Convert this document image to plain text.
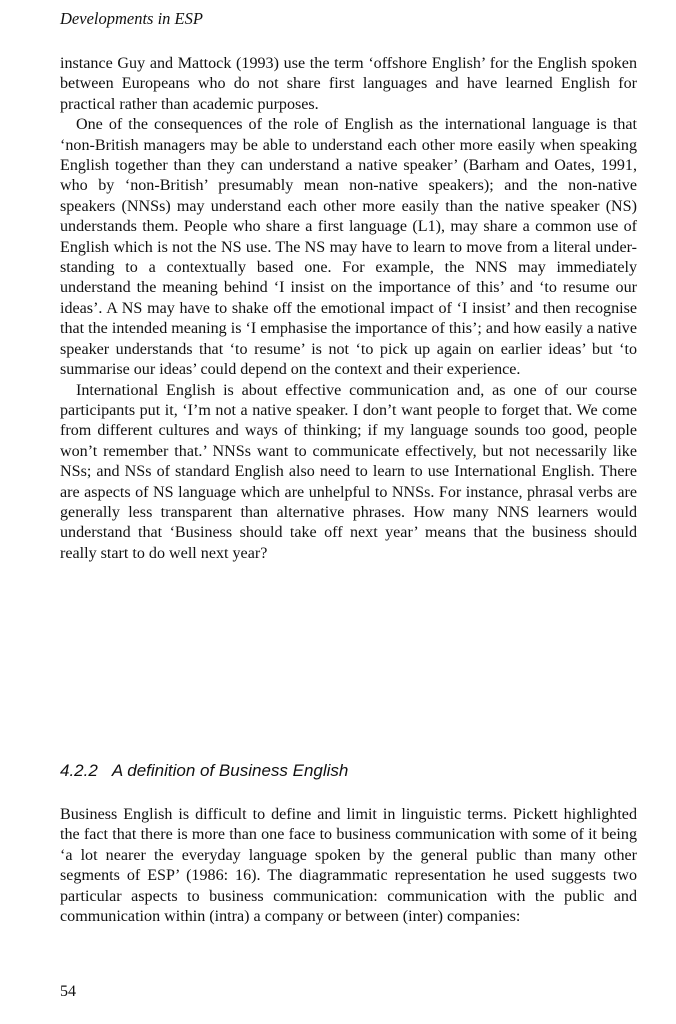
Developments in ESP

instance Guy and Mattock (1993) use the term ‘offshore English’ for the English spoken between Europeans who do not share first languages and have learned English for practical rather than academic purposes.

One of the consequences of the role of English as the international language is that ‘non-British managers may be able to understand each other more easily when speaking English together than they can understand a native speaker’ (Barham and Oates, 1991, who by ‘non-British’ presumably mean non-native speakers); and the non-native speakers (NNSs) may understand each other more easily than the native speaker (NS) understands them. People who share a first language (L1), may share a common use of English which is not the NS use. The NS may have to learn to move from a literal under-standing to a contextually based one. For example, the NNS may immediately understand the meaning behind ‘I insist on the importance of this’ and ‘to resume our ideas’. A NS may have to shake off the emotional impact of ‘I insist’ and then recognise that the intended meaning is ‘I emphasise the importance of this’; and how easily a native speaker understands that ‘to resume’ is not ‘to pick up again on earlier ideas’ but ‘to summarise our ideas’ could depend on the context and their experience.

International English is about effective communication and, as one of our course participants put it, ‘I’m not a native speaker. I don’t want people to forget that. We come from different cultures and ways of thinking; if my language sounds too good, people won’t remember that.’ NNSs want to communicate effectively, but not necessarily like NSs; and NSs of standard English also need to learn to use International English. There are aspects of NS language which are unhelpful to NNSs. For instance, phrasal verbs are generally less transparent than alternative phrases. How many NNS learners would understand that ‘Business should take off next year’ means that the business should really start to do well next year?

4.2.2 A definition of Business English

Business English is difficult to define and limit in linguistic terms. Pickett highlighted the fact that there is more than one face to business communication with some of it being ‘a lot nearer the everyday language spoken by the general public than many other segments of ESP’ (1986: 16). The diagrammatic representation he used suggests two particular aspects to business communication: communication with the public and communication within (intra) a company or between (inter) companies:

54
